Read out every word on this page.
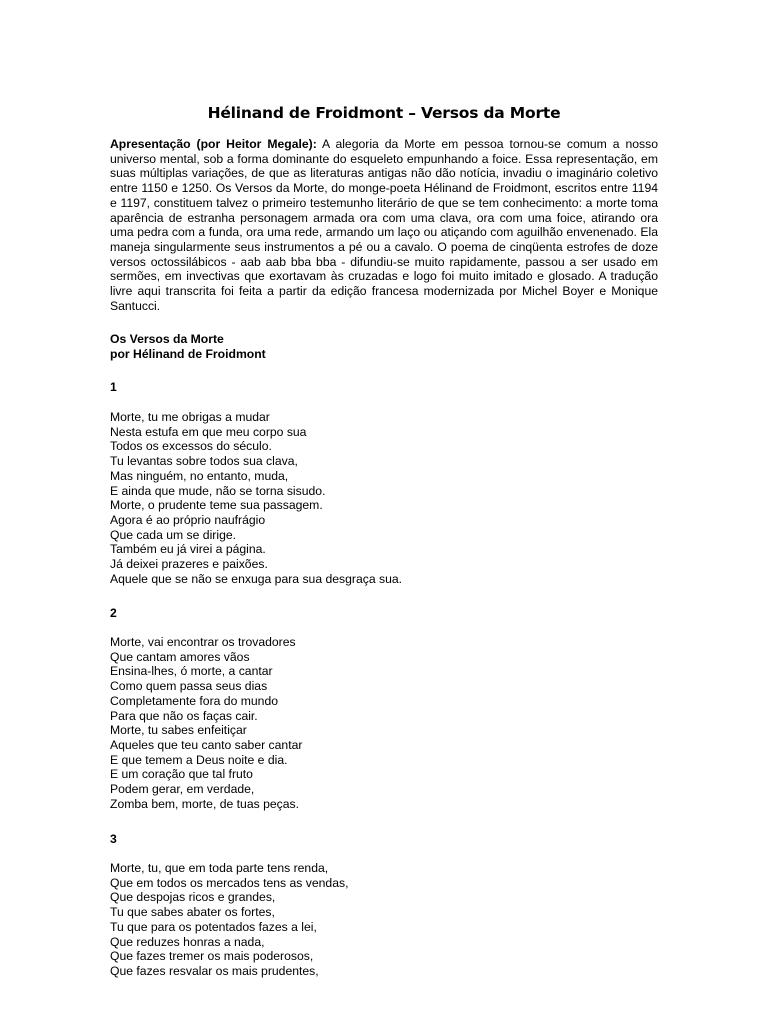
Hélinand de Froidmont – Versos da Morte

Apresentação (por Heitor Megale): A alegoria da Morte em pessoa tornou-se comum a nosso universo mental, sob a forma dominante do esqueleto empunhando a foice. Essa representação, em suas múltiplas variações, de que as literaturas antigas não dão notícia, invadiu o imaginário coletivo entre 1150 e 1250. Os Versos da Morte, do monge-poeta Hélinand de Froidmont, escritos entre 1194 e 1197, constituem talvez o primeiro testemunho literário de que se tem conhecimento: a morte toma aparência de estranha personagem armada ora com uma clava, ora com uma foice, atirando ora uma pedra com a funda, ora uma rede, armando um laço ou atiçando com aguilhão envenenado. Ela maneja singularmente seus instrumentos a pé ou a cavalo. O poema de cinqüenta estrofes de doze versos octossilábicos - aab aab bba bba - difundiu-se muito rapidamente, passou a ser usado em sermões, em invectivas que exortavam às cruzadas e logo foi muito imitado e glosado. A tradução livre aqui transcrita foi feita a partir da edição francesa modernizada por Michel Boyer e Monique Santucci.

Os Versos da Morte
por Hélinand de Froidmont
1
Morte, tu me obrigas a mudar
Nesta estufa em que meu corpo sua
Todos os excessos do século.
Tu levantas sobre todos sua clava,
Mas ninguém, no entanto, muda,
E ainda que mude, não se torna sisudo.
Morte, o prudente teme sua passagem.
Agora é ao próprio naufrágio
Que cada um se dirige.
Também eu já virei a página.
Já deixei prazeres e paixões.
Aquele que se não se enxuga para sua desgraça sua.
2
Morte, vai encontrar os trovadores
Que cantam amores vãos
Ensina-lhes, ó morte, a cantar
Como quem passa seus dias
Completamente fora do mundo
Para que não os faças cair.
Morte, tu sabes enfeitiçar
Aqueles que teu canto saber cantar
E que temem a Deus noite e dia.
E um coração que tal fruto
Podem gerar, em verdade,
Zomba bem, morte, de tuas peças.
3
Morte, tu, que em toda parte tens renda,
Que em todos os mercados tens as vendas,
Que despojas ricos e grandes,
Tu que sabes abater os fortes,
Tu que para os potentados fazes a lei,
Que reduzes honras a nada,
Que fazes tremer os mais poderosos,
Que fazes resvalar os mais prudentes,
